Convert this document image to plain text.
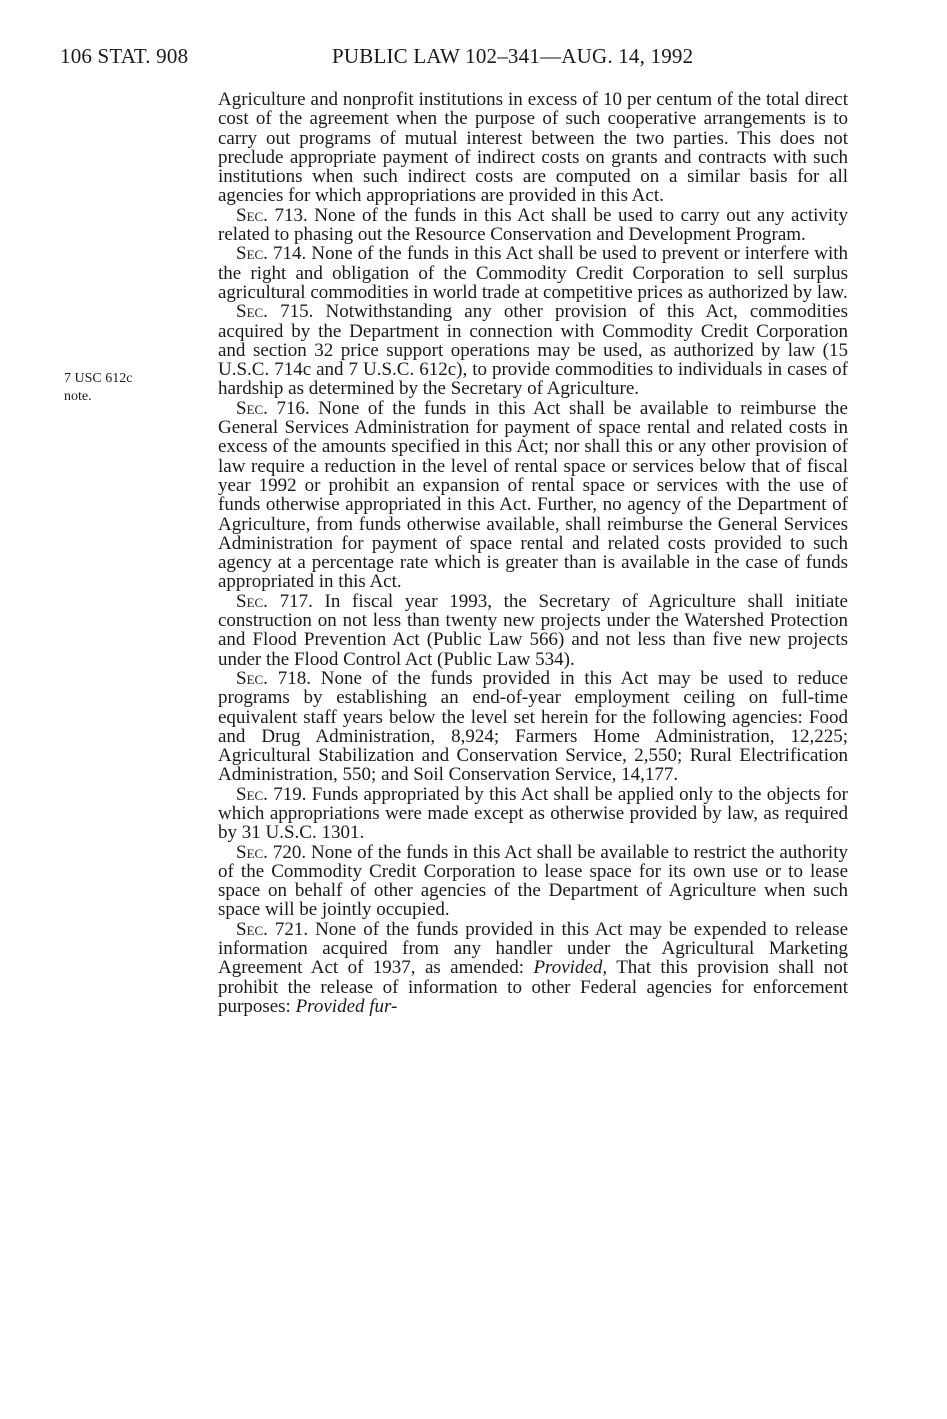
106 STAT. 908	PUBLIC LAW 102–341—AUG. 14, 1992
7 USC 612c
note.

Agriculture and nonprofit institutions in excess of 10 per centum of the total direct cost of the agreement when the purpose of such cooperative arrangements is to carry out programs of mutual interest between the two parties. This does not preclude appropriate payment of indirect costs on grants and contracts with such institutions when such indirect costs are computed on a similar basis for all agencies for which appropriations are provided in this Act.

Sec. 713. None of the funds in this Act shall be used to carry out any activity related to phasing out the Resource Conservation and Development Program.

Sec. 714. None of the funds in this Act shall be used to prevent or interfere with the right and obligation of the Commodity Credit Corporation to sell surplus agricultural commodities in world trade at competitive prices as authorized by law.

Sec. 715. Notwithstanding any other provision of this Act, commodities acquired by the Department in connection with Commodity Credit Corporation and section 32 price support operations may be used, as authorized by law (15 U.S.C. 714c and 7 U.S.C. 612c), to provide commodities to individuals in cases of hardship as determined by the Secretary of Agriculture.

Sec. 716. None of the funds in this Act shall be available to reimburse the General Services Administration for payment of space rental and related costs in excess of the amounts specified in this Act; nor shall this or any other provision of law require a reduction in the level of rental space or services below that of fiscal year 1992 or prohibit an expansion of rental space or services with the use of funds otherwise appropriated in this Act. Further, no agency of the Department of Agriculture, from funds otherwise available, shall reimburse the General Services Administration for payment of space rental and related costs provided to such agency at a percentage rate which is greater than is available in the case of funds appropriated in this Act.

Sec. 717. In fiscal year 1993, the Secretary of Agriculture shall initiate construction on not less than twenty new projects under the Watershed Protection and Flood Prevention Act (Public Law 566) and not less than five new projects under the Flood Control Act (Public Law 534).

Sec. 718. None of the funds provided in this Act may be used to reduce programs by establishing an end-of-year employment ceiling on full-time equivalent staff years below the level set herein for the following agencies: Food and Drug Administration, 8,924; Farmers Home Administration, 12,225; Agricultural Stabilization and Conservation Service, 2,550; Rural Electrification Administration, 550; and Soil Conservation Service, 14,177.

Sec. 719. Funds appropriated by this Act shall be applied only to the objects for which appropriations were made except as otherwise provided by law, as required by 31 U.S.C. 1301.

Sec. 720. None of the funds in this Act shall be available to restrict the authority of the Commodity Credit Corporation to lease space for its own use or to lease space on behalf of other agencies of the Department of Agriculture when such space will be jointly occupied.

Sec. 721. None of the funds provided in this Act may be expended to release information acquired from any handler under the Agricultural Marketing Agreement Act of 1937, as amended: Provided, That this provision shall not prohibit the release of information to other Federal agencies for enforcement purposes: Provided fur-
